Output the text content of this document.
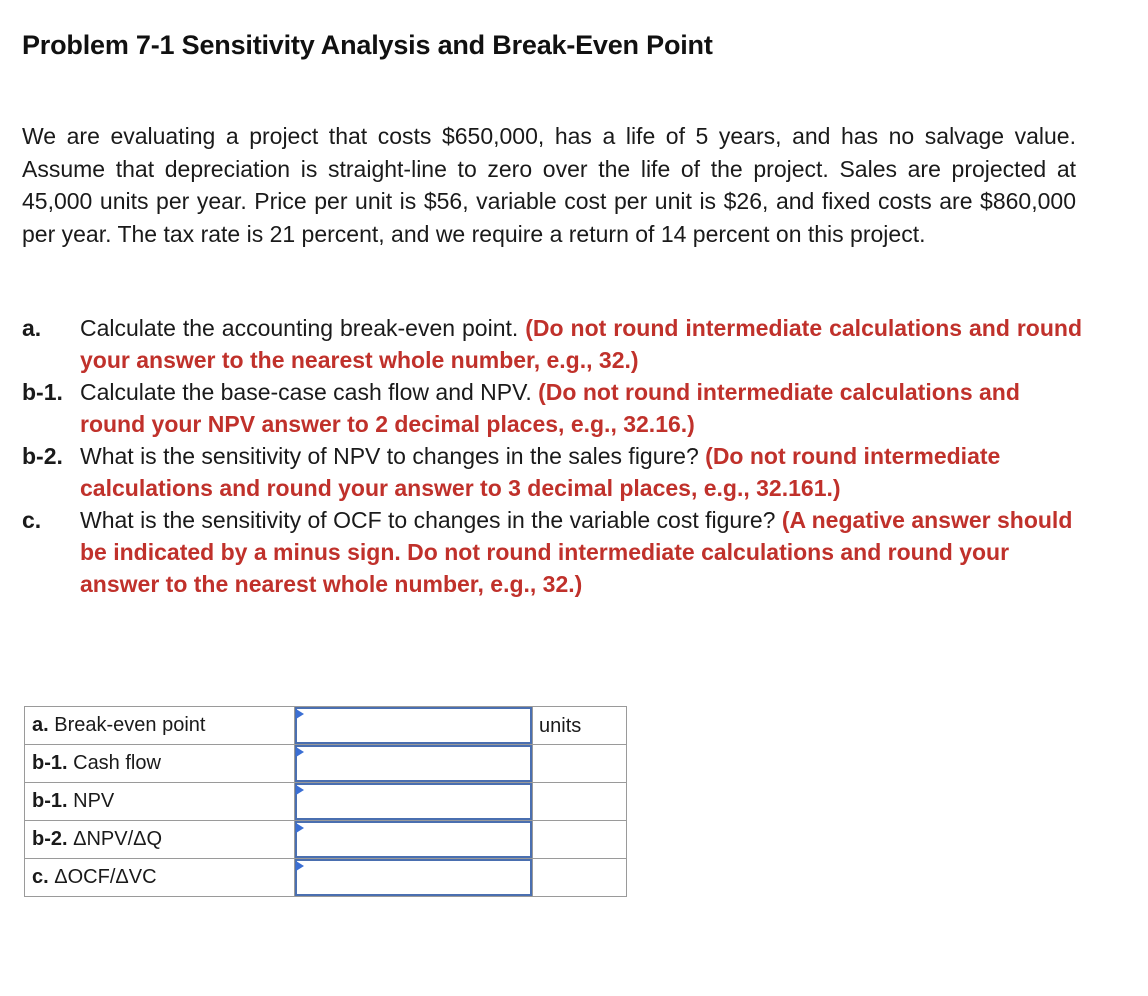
Problem 7-1 Sensitivity Analysis and Break-Even Point
We are evaluating a project that costs $650,000, has a life of 5 years, and has no salvage value. Assume that depreciation is straight-line to zero over the life of the project. Sales are projected at 45,000 units per year. Price per unit is $56, variable cost per unit is $26, and fixed costs are $860,000 per year. The tax rate is 21 percent, and we require a return of 14 percent on this project.
a.	Calculate the accounting break-even point. (Do not round intermediate calculations and round your answer to the nearest whole number, e.g., 32.)
b-1. Calculate the base-case cash flow and NPV. (Do not round intermediate calculations and round your NPV answer to 2 decimal places, e.g., 32.16.)
b-2. What is the sensitivity of NPV to changes in the sales figure? (Do not round intermediate calculations and round your answer to 3 decimal places, e.g., 32.161.)
c.	What is the sensitivity of OCF to changes in the variable cost figure? (A negative answer should be indicated by a minus sign. Do not round intermediate calculations and round your answer to the nearest whole number, e.g., 32.)
a. Break-even point		units
b-1. Cash flow	

b-1. NPV	

b-2. ΔNPV/ΔQ	

c. ΔOCF/ΔVC	
